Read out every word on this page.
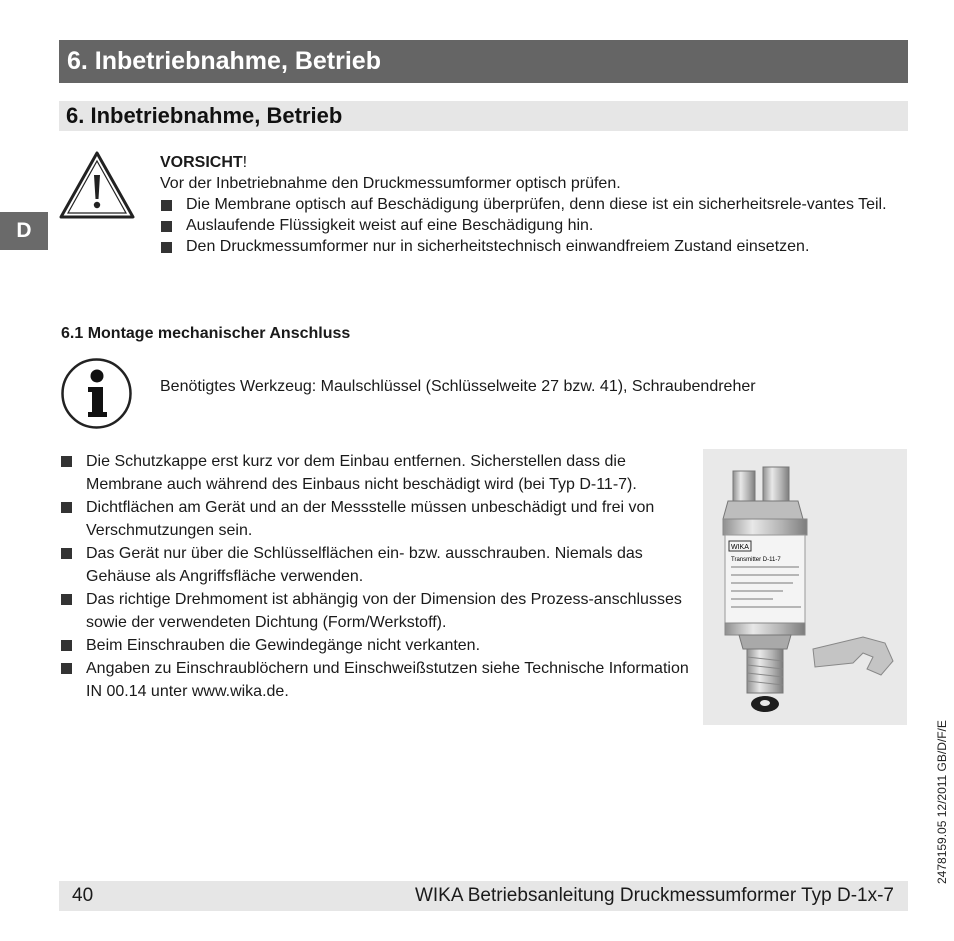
6. Inbetriebnahme, Betrieb
6. Inbetriebnahme, Betrieb
D
VORSICHT!
Vor der Inbetriebnahme den Druckmessumformer optisch prüfen.
Die Membrane optisch auf Beschädigung überprüfen, denn diese ist ein sicherheitsrele-vantes Teil.
Auslaufende Flüssigkeit weist auf eine Beschädigung hin.
Den Druckmessumformer nur in sicherheitstechnisch einwandfreiem Zustand einsetzen.
6.1 Montage mechanischer Anschluss
Benötigtes Werkzeug: Maulschlüssel (Schlüsselweite 27 bzw. 41), Schraubendreher
Die Schutzkappe erst kurz vor dem Einbau entfernen. Sicherstellen dass die Membrane auch während des Einbaus nicht beschädigt wird (bei Typ D-11-7).
Dichtflächen am Gerät und an der Messstelle müssen unbeschädigt und frei von Verschmutzungen sein.
Das Gerät nur über die Schlüsselflächen ein- bzw. ausschrauben. Niemals das Gehäuse als Angriffsfläche verwenden.
Das richtige Drehmoment ist abhängig von der Dimension des Prozess-anschlusses sowie der verwendeten Dichtung (Form/Werkstoff).
Beim Einschrauben die Gewindegänge nicht verkanten.
Angaben zu Einschraublöchern und Einschweißstutzen siehe Technische Information IN 00.14 unter www.wika.de.
WIKA
Transmitter D-11-7
40	WIKA Betriebsanleitung Druckmessumformer Typ D-1x-7
2478159.05 12/2011 GB/D/F/E
